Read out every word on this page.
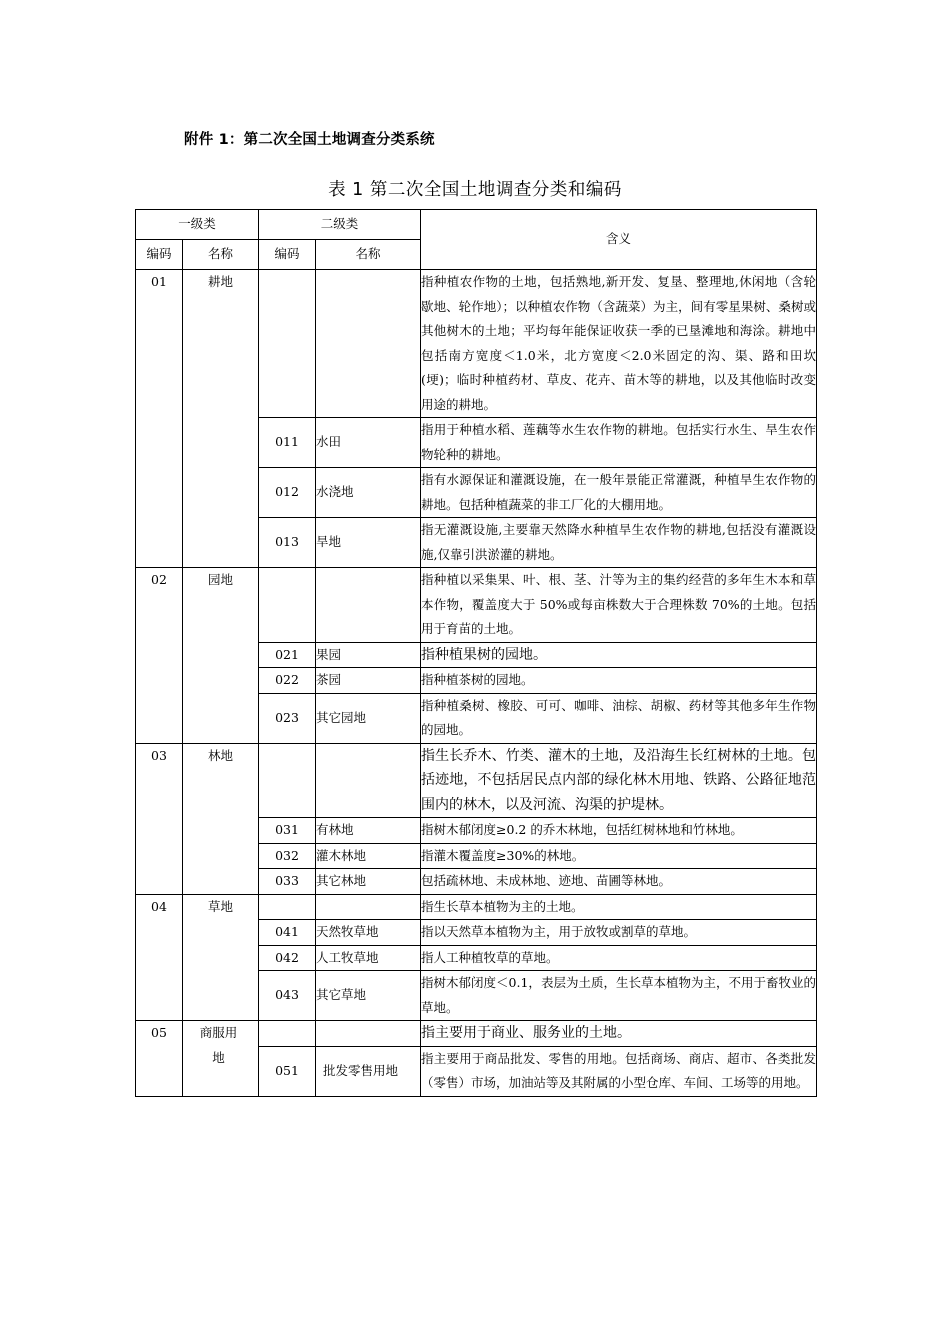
附件 1：第二次全国土地调查分类系统
表 1 第二次全国土地调查分类和编码
一级类		二级类		含义
编码	名称	编码	名称	
01	耕地			指种植农作物的土地，包括熟地,新开发、复垦、整理地,休闲地（含轮歇地、轮作地）；以种植农作物（含蔬菜）为主，间有零星果树、桑树或其他树木的土地；平均每年能保证收获一季的已垦滩地和海涂。耕地中包括南方宽度＜1.0米，北方宽度＜2.0米固定的沟、渠、路和田坎(埂)；临时种植药材、草皮、花卉、苗木等的耕地，以及其他临时改变用途的耕地。
		011	水田	指用于种植水稻、莲藕等水生农作物的耕地。包括实行水生、旱生农作物轮种的耕地。
		012	水浇地	指有水源保证和灌溉设施，在一般年景能正常灌溉，种植旱生农作物的耕地。包括种植蔬菜的非工厂化的大棚用地。
		013	旱地	指无灌溉设施,主要靠天然降水种植旱生农作物的耕地,包括没有灌溉设施,仅靠引洪淤灌的耕地。
02	园地			指种植以采集果、叶、根、茎、汁等为主的集约经营的多年生木本和草本作物，覆盖度大于 50%或每亩株数大于合理株数 70%的土地。包括用于育苗的土地。
		021	果园	指种植果树的园地。
		022	茶园	指种植茶树的园地。
		023	其它园地	指种植桑树、橡胶、可可、咖啡、油棕、胡椒、药材等其他多年生作物的园地。
03	林地			指生长乔木、竹类、灌木的土地，及沿海生长红树林的土地。包括迹地，不包括居民点内部的绿化林木用地、铁路、公路征地范围内的林木，以及河流、沟渠的护堤林。
		031	有林地	指树木郁闭度≥0.2 的乔木林地，包括红树林地和竹林地。
		032	灌木林地	指灌木覆盖度≥30%的林地。
		033	其它林地	包括疏林地、未成林地、迹地、苗圃等林地。
04	草地			指生长草本植物为主的土地。
		041	天然牧草地	指以天然草本植物为主，用于放牧或割草的草地。
		042	人工牧草地	指人工种植牧草的草地。
		043	其它草地	指树木郁闭度＜0.1，表层为土质，生长草本植物为主，不用于畜牧业的草地。
05	商服用地			指主要用于商业、服务业的土地。
		051	批发零售用地	指主要用于商品批发、零售的用地。包括商场、商店、超市、各类批发（零售）市场，加油站等及其附属的小型仓库、车间、工场等的用地。
